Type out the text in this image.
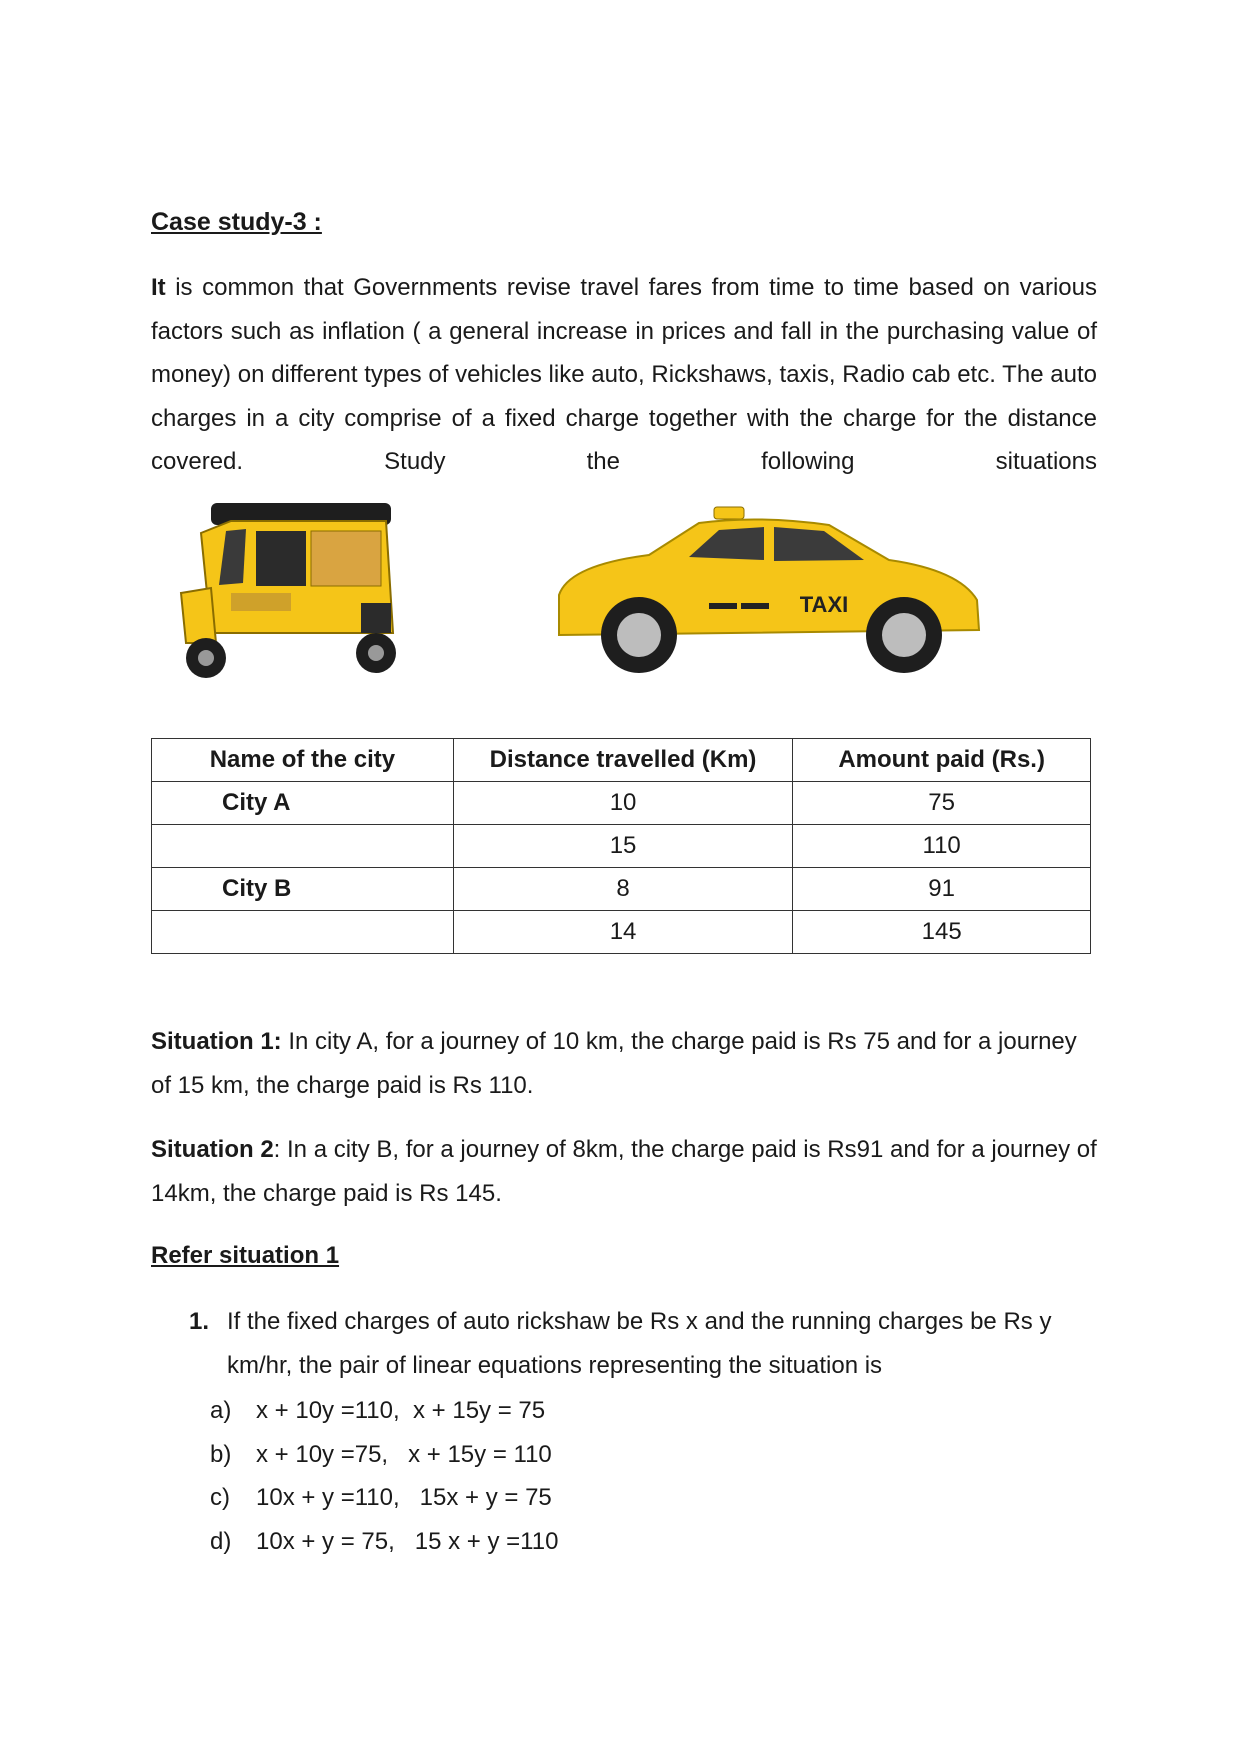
Case study-3 :

It is common that Governments revise travel fares from time to time based on various factors such as inflation ( a general increase in prices and fall in the purchasing value of money) on different types of vehicles like auto, Rickshaws, taxis, Radio cab etc. The auto charges in a city comprise of a fixed charge together with the charge for the distance covered. Study the following situations

TAXI
Name of the city	Distance travelled (Km)	Amount paid (Rs.)
City A	10	75
	15	110
City B	8	91
	14	145

Situation 1: In city A, for a journey of 10 km, the charge paid is Rs 75 and for a journey of 15 km, the charge paid is Rs 110.

Situation 2: In a city B, for a journey of 8km, the charge paid is Rs91 and for a journey of 14km, the charge paid is Rs 145.

Refer situation 1

1. If the fixed charges of auto rickshaw be Rs x and the running charges be Rs y km/hr, the pair of linear equations representing the situation is
a)	x + 10y =110,  x + 15y = 75
b)	x + 10y =75,   x + 15y = 110
c)	10x + y =110,   15x + y = 75
d)	10x + y = 75,   15 x + y =110
